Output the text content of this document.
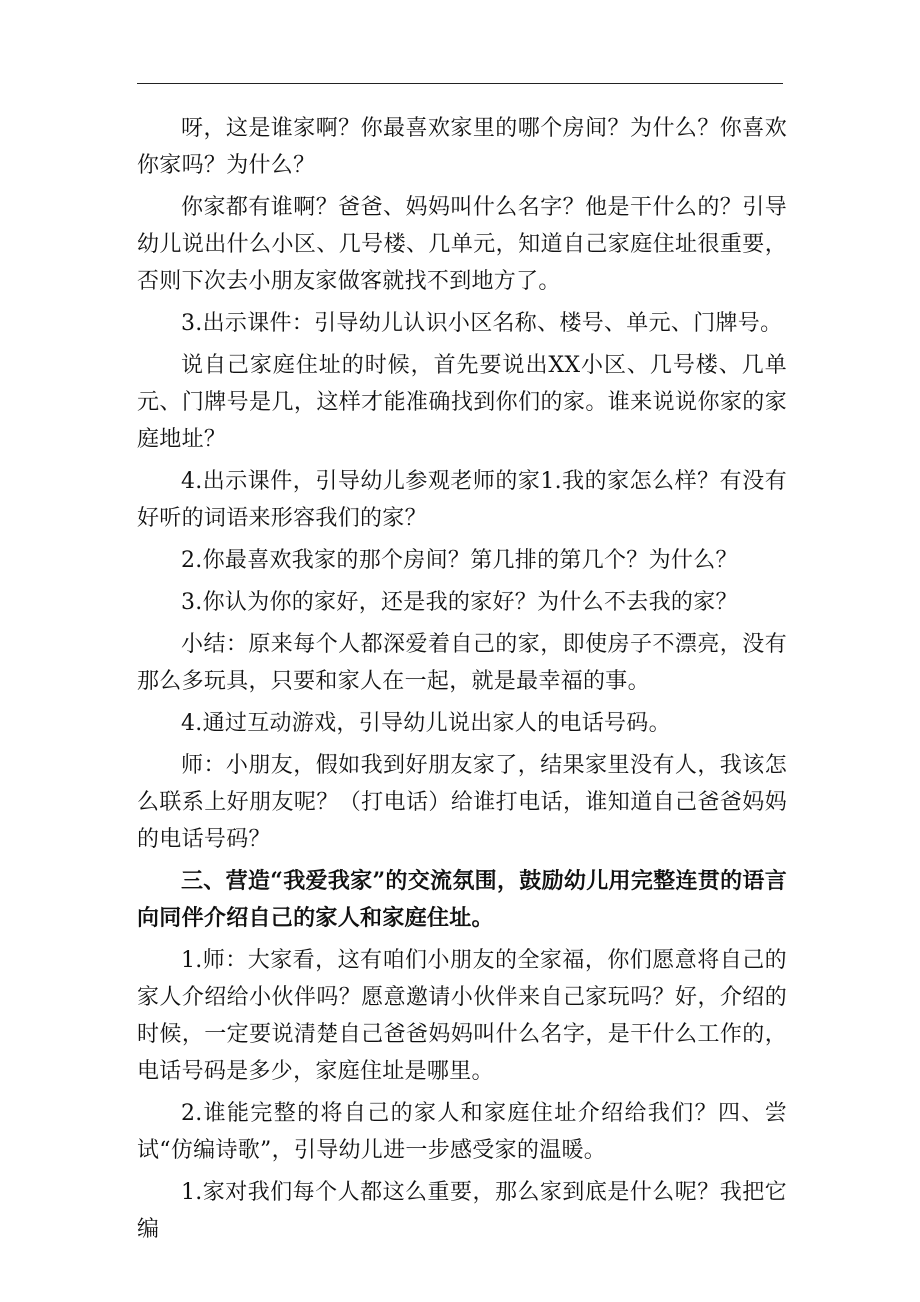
呀，这是谁家啊？你最喜欢家里的哪个房间？为什么？你喜欢你家吗？为什么？

你家都有谁啊？爸爸、妈妈叫什么名字？他是干什么的？引导幼儿说出什么小区、几号楼、几单元，知道自己家庭住址很重要，否则下次去小朋友家做客就找不到地方了。

3.出示课件：引导幼儿认识小区名称、楼号、单元、门牌号。

说自己家庭住址的时候，首先要说出XX小区、几号楼、几单元、门牌号是几，这样才能准确找到你们的家。谁来说说你家的家庭地址？

4.出示课件，引导幼儿参观老师的家1.我的家怎么样？有没有好听的词语来形容我们的家？

2.你最喜欢我家的那个房间？第几排的第几个？为什么？

3.你认为你的家好，还是我的家好？为什么不去我的家？

小结：原来每个人都深爱着自己的家，即使房子不漂亮，没有那么多玩具，只要和家人在一起，就是最幸福的事。

4.通过互动游戏，引导幼儿说出家人的电话号码。

师：小朋友，假如我到好朋友家了，结果家里没有人，我该怎么联系上好朋友呢？（打电话）给谁打电话，谁知道自己爸爸妈妈的电话号码？

三、营造“我爱我家”的交流氛围，鼓励幼儿用完整连贯的语言向同伴介绍自己的家人和家庭住址。

1.师：大家看，这有咱们小朋友的全家福，你们愿意将自己的家人介绍给小伙伴吗？愿意邀请小伙伴来自己家玩吗？好，介绍的时候，一定要说清楚自己爸爸妈妈叫什么名字，是干什么工作的，电话号码是多少，家庭住址是哪里。

2.谁能完整的将自己的家人和家庭住址介绍给我们？四、尝试“仿编诗歌”，引导幼儿进一步感受家的温暖。

1.家对我们每个人都这么重要，那么家到底是什么呢？我把它编
